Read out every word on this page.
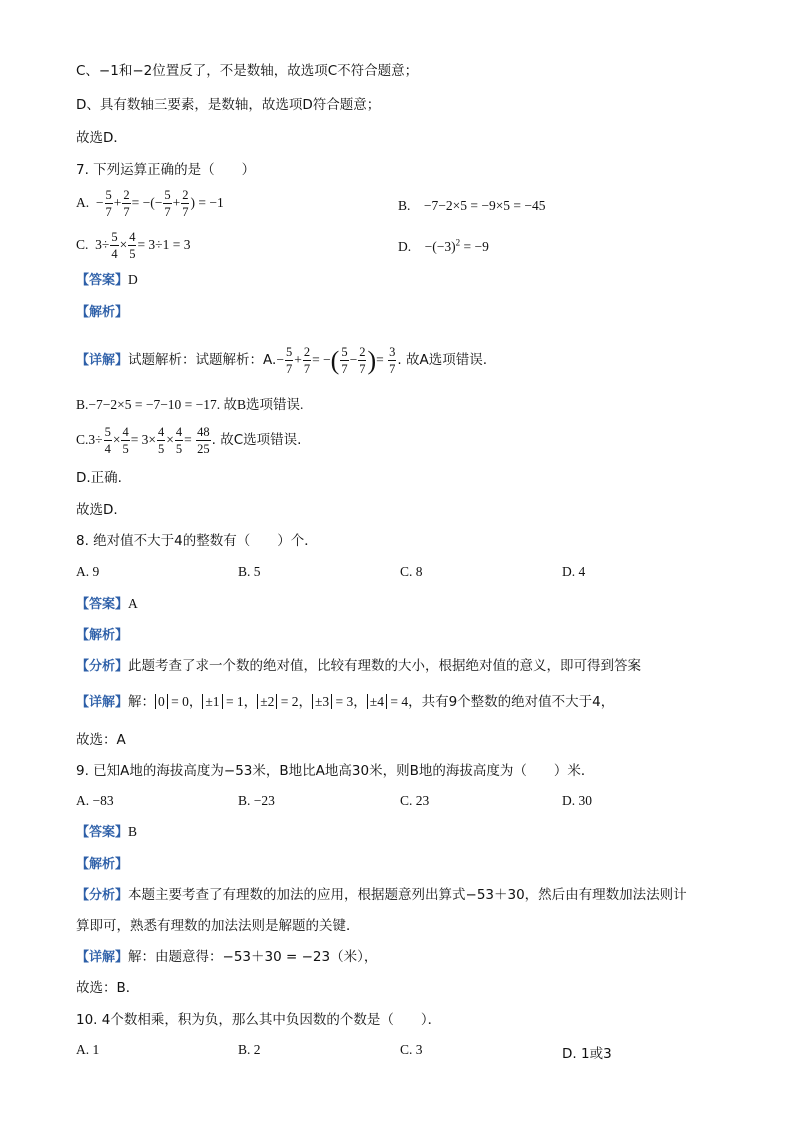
C、−1和−2位置反了，不是数轴，故选项C不符合题意；
D、具有数轴三要素，是数轴，故选项D符合题意；
故选D．
7. 下列运算正确的是（　　）
A.  − $\frac{5}{7} + \frac{2}{7}$ = −(− $\frac{5}{7} + \frac{2}{7}$ ) = −1	B.　−7−2×5 = −9×5 = −45
C.  $3\div \frac{5}{4} \times \frac{4}{5} = 3\div 1 = 3$	D.　$-(-3)^2 = -9$
【答案】D
【解析】
【详解】试题解析：试题解析：$A.- \frac{5}{7} + \frac{2}{7}$ = −( $\frac{5}{7} - \frac{2}{7}$ )= $\frac{3}{7}$ . 故A选项错误.
B.−7−2×5 = −7−10 = −17. 故B选项错误.
$C.3\div \frac{5}{4} \times \frac{4}{5} = 3\times \frac{4}{5} \times \frac{4}{5} = \frac{48}{25}$ . 故C选项错误.
D.正确.
故选D.
8. 绝对值不大于4的整数有（　　）个．
A. 9	B. 5	C. 8	D. 4
【答案】A
【解析】
【分析】此题考查了求一个数的绝对值，比较有理数的大小，根据绝对值的意义，即可得到答案
【详解】解： 0 = 0， ±1 = 1， ±2 = 2， ±3 = 3， ±4 = 4，共有9个整数的绝对值不大于4，
故选：A
9. 已知A地的海拔高度为−53米，B地比A地高30米，则B地的海拔高度为（　　）米．
A. −83	B. −23	C. 23	D. 30
【答案】B
【解析】
【分析】本题主要考查了有理数的加法的应用，根据题意列出算式−53＋30，然后由有理数加法法则计
算即可，熟悉有理数的加法法则是解题的关键．
【详解】解：由题意得：−53＋30 = −23（米），
故选：B．
10. 4个数相乘，积为负，那么其中负因数的个数是（　　）．
A. 1	B. 2	C. 3	D. 1或3
